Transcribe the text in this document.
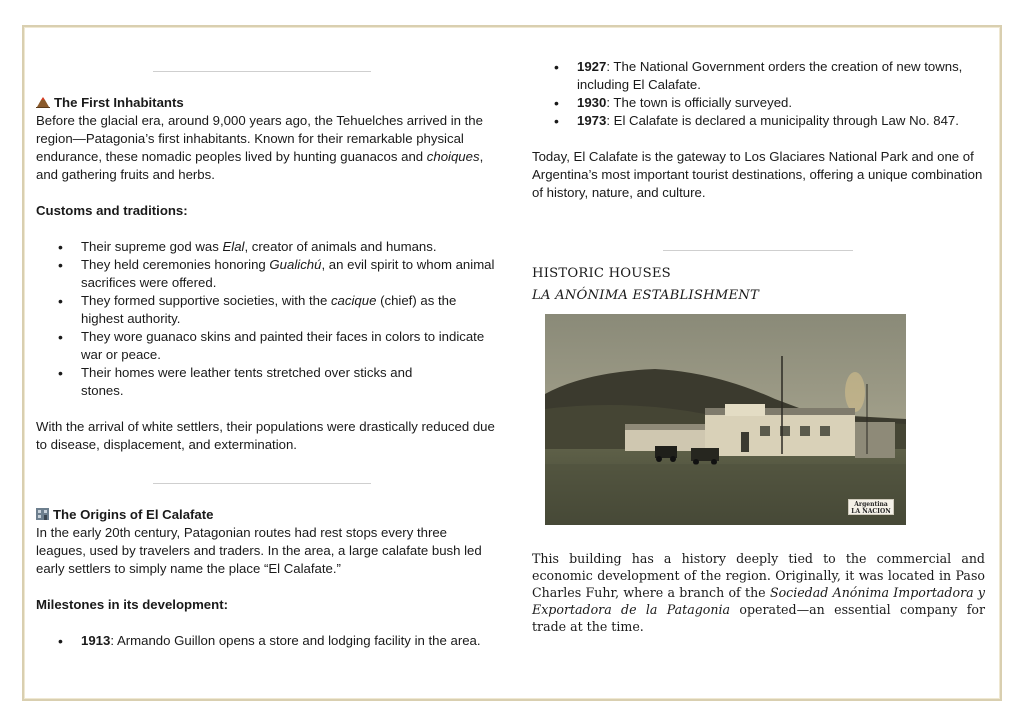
The First Inhabitants

Before the glacial era, around 9,000 years ago, the Tehuelches arrived in the region—Patagonia’s first inhabitants. Known for their remarkable physical endurance, these nomadic peoples lived by hunting guanacos and choiques, and gathering fruits and herbs.

Customs and traditions:

• Their supreme god was Elal, creator of animals and humans.
• They held ceremonies honoring Gualichú, an evil spirit to whom animal sacrifices were offered.
• They formed supportive societies, with the cacique (chief) as the highest authority.
• They wore guanaco skins and painted their faces in colors to indicate war or peace.
• Their homes were leather tents stretched over sticks and stones.

With the arrival of white settlers, their populations were drastically reduced due to disease, displacement, and extermination.

The Origins of El Calafate

In the early 20th century, Patagonian routes had rest stops every three leagues, used by travelers and traders. In the area, a large calafate bush led early settlers to simply name the place “El Calafate.”

Milestones in its development:

• 1913: Armando Guillon opens a store and lodging facility in the area.
• 1927: The National Government orders the creation of new towns, including El Calafate.
• 1930: The town is officially surveyed.
• 1973: El Calafate is declared a municipality through Law No. 847.

Today, El Calafate is the gateway to Los Glaciares National Park and one of Argentina’s most important tourist destinations, offering a unique combination of history, nature, and culture.

HISTORIC HOUSES
LA ANÓNIMA ESTABLISHMENT
Argentina
LA NACION
This building has a history deeply tied to the commercial and economic development of the region. Originally, it was located in Paso Charles Fuhr, where a branch of the Sociedad Anónima Importadora y Exportadora de la Patagonia operated—an essential company for trade at the time.
